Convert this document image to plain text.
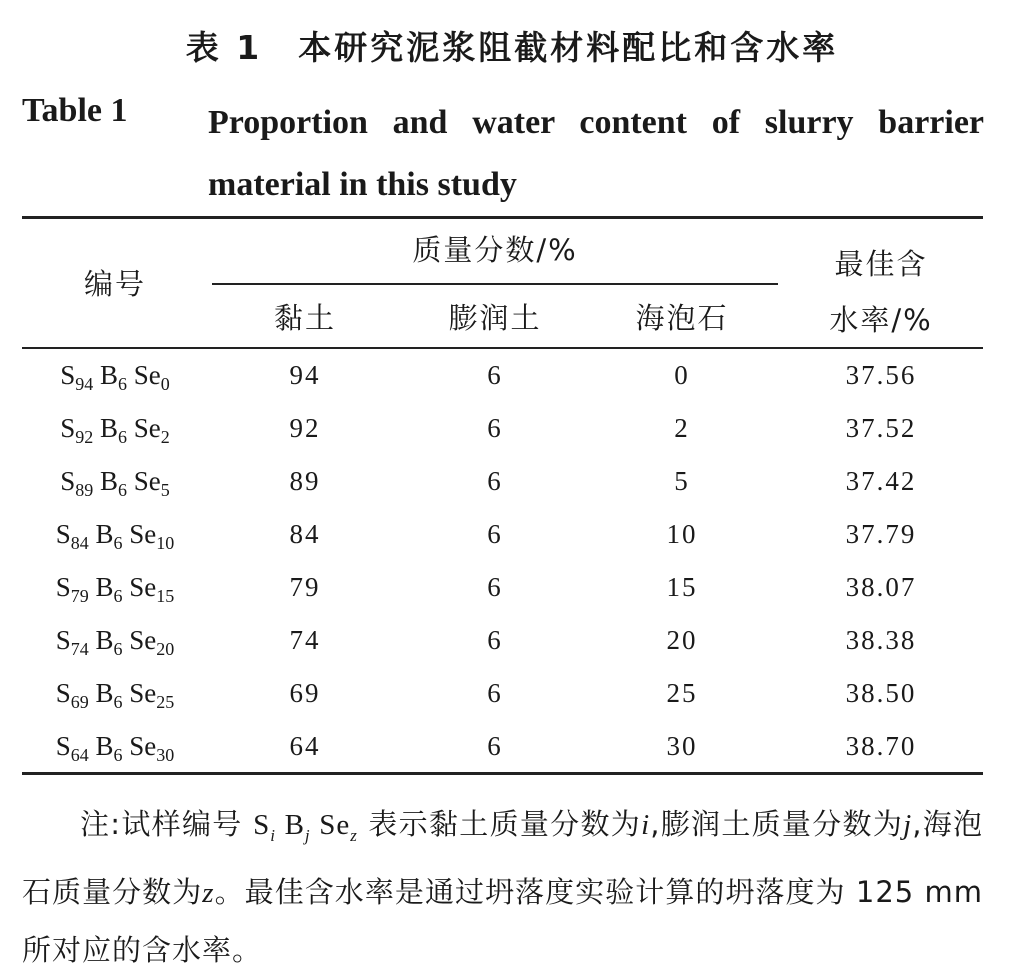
表 1 本研究泥浆阻截材料配比和含水率
Table 1 Proportion and water content of slurry barrier material in this study
编号
质量分数/%
黏土	膨润土	海泡石
最佳含
水率/%
$S_{94}$ $B_6$ $Se_0$	94	6	0	37.56
$S_{92}$ $B_6$ $Se_2$	92	6	2	37.52
$S_{89}$ $B_6$ $Se_5$	89	6	5	37.42
$S_{84}$ $B_6$ $Se_{10}$	84	6	10	37.79
$S_{79}$ $B_6$ $Se_{15}$	79	6	15	38.07
$S_{74}$ $B_6$ $Se_{20}$	74	6	20	38.38
$S_{69}$ $B_6$ $Se_{25}$	69	6	25	38.50
$S_{64}$ $B_6$ $Se_{30}$	64	6	30	38.70
注:试样编号 $S_i$ $B_j$ $Se_z$ 表示黏土质量分数为i,膨润土质量分数为j,海泡石质量分数为z。最佳含水率是通过坍落度实验计算的坍落度为 125 mm 所对应的含水率。
